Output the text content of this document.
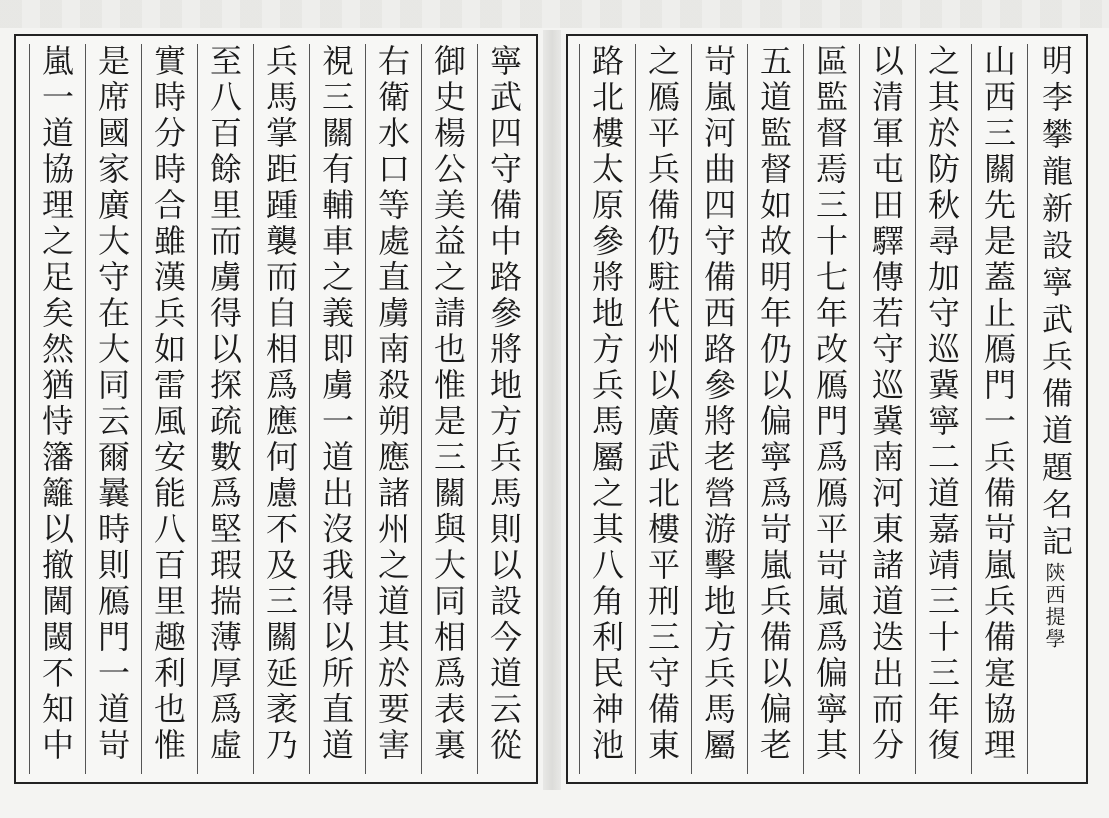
寧武四守備中路參將地方兵馬則以設今道云從
御史楊公美益之請也惟是三關與大同相爲表裏
右衛水口等處直虜南殺朔應諸州之道其於要害
視三關有輔車之義即虜一道出沒我得以所直道
兵馬掌距踵襲而自相爲應何慮不及三關延袤乃
至八百餘里而虜得以探疏數爲堅瑕揣薄厚爲虛
實時分時合雖漢兵如雷風安能八百里趣利也惟
是席國家廣大守在大同云爾曩時則鴈門一道岢
嵐一道協理之足矣然猶恃籓籬以撤閫閾不知中	明李攀龍新設寧武兵備道題名記陝西提學
山西三關先是蓋止鴈門一兵備岢嵐兵備寔協理
之其於防秋尋加守巡冀寧二道嘉靖三十三年復
以清軍屯田驛傳若守巡冀南河東諸道迭出而分
區監督焉三十七年改鴈門爲鴈平岢嵐爲偏寧其
五道監督如故明年仍以偏寧爲岢嵐兵備以偏老
岢嵐河曲四守備西路參將老營游擊地方兵馬屬
之鴈平兵備仍駐代州以廣武北樓平刑三守備東
路北樓太原參將地方兵馬屬之其八角利民神池
